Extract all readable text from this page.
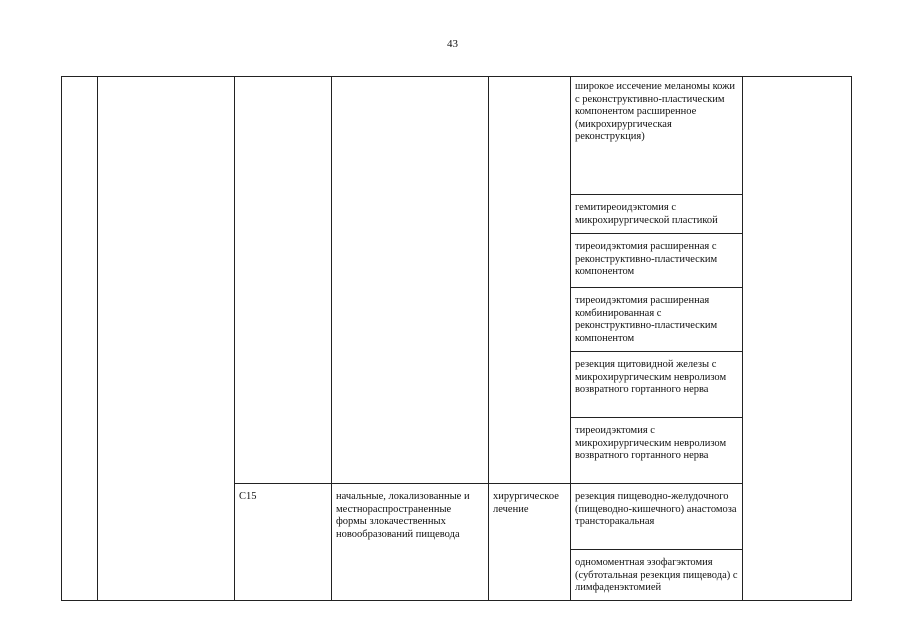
43

					широкое иссечение меланомы кожи с реконструктивно-пластическим компонентом расширенное (микрохирургическая реконструкция)	

					гемитиреоидэктомия с микрохирургической пластикой	

					тиреоидэктомия расширенная с реконструктивно-пластическим компонентом	

					тиреоидэктомия расширенная комбинированная с реконструктивно-пластическим компонентом	

					резекция щитовидной железы с микрохирургическим невролизом возвратного гортанного нерва	

					тиреоидэктомия с микрохирургическим невролизом возвратного гортанного нерва	

		C15	начальные, локализованные и местнораспространенные формы злокачественных новообразований пищевода	хирургическое лечение	резекция пищеводно-желудочного (пищеводно-кишечного) анастомоза трансторакальная	

					одномоментная эзофагэктомия (субтотальная резекция пищевода) с лимфаденэктомией	
